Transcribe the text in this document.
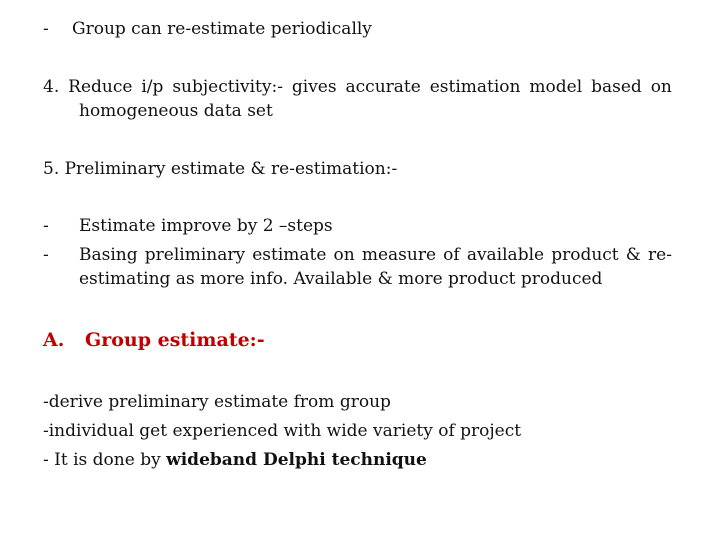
- Group can re-estimate periodically
4. Reduce i/p subjectivity:- gives accurate estimation model based on
homogeneous data set
5. Preliminary estimate & re-estimation:-
- Estimate improve by 2 –steps
- Basing preliminary estimate on measure of available product & re-
estimating as more info. Available & more product produced
A. Group estimate:-
-derive preliminary estimate from group
-individual get experienced with wide variety of project
- It is done by wideband Delphi technique
